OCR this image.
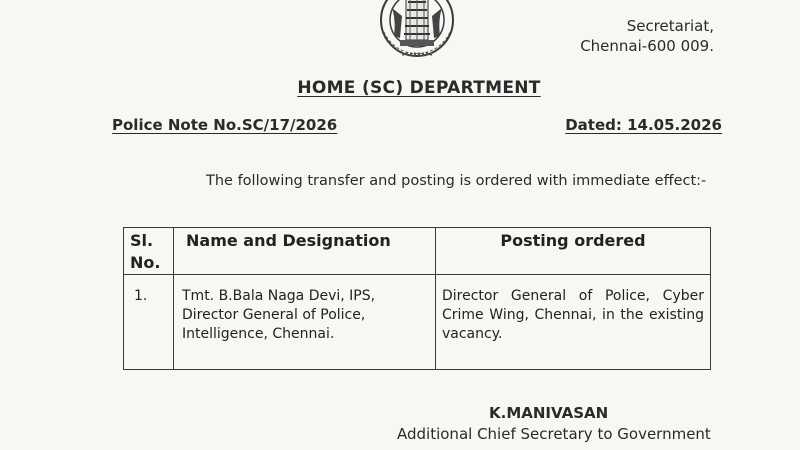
Secretariat,
Chennai-600 009.
HOME (SC) DEPARTMENT
Police Note No.SC/17/2026	Dated: 14.05.2026
The following transfer and posting is ordered with immediate effect:-
Sl. No.	Name and Designation	Posting ordered
1.	Tmt. B.Bala Naga Devi, IPS, Director General of Police, Intelligence, Chennai.	Director General of Police, Cyber Crime Wing, Chennai, in the existing vacancy.
K.MANIVASAN
Additional Chief Secretary to Government
